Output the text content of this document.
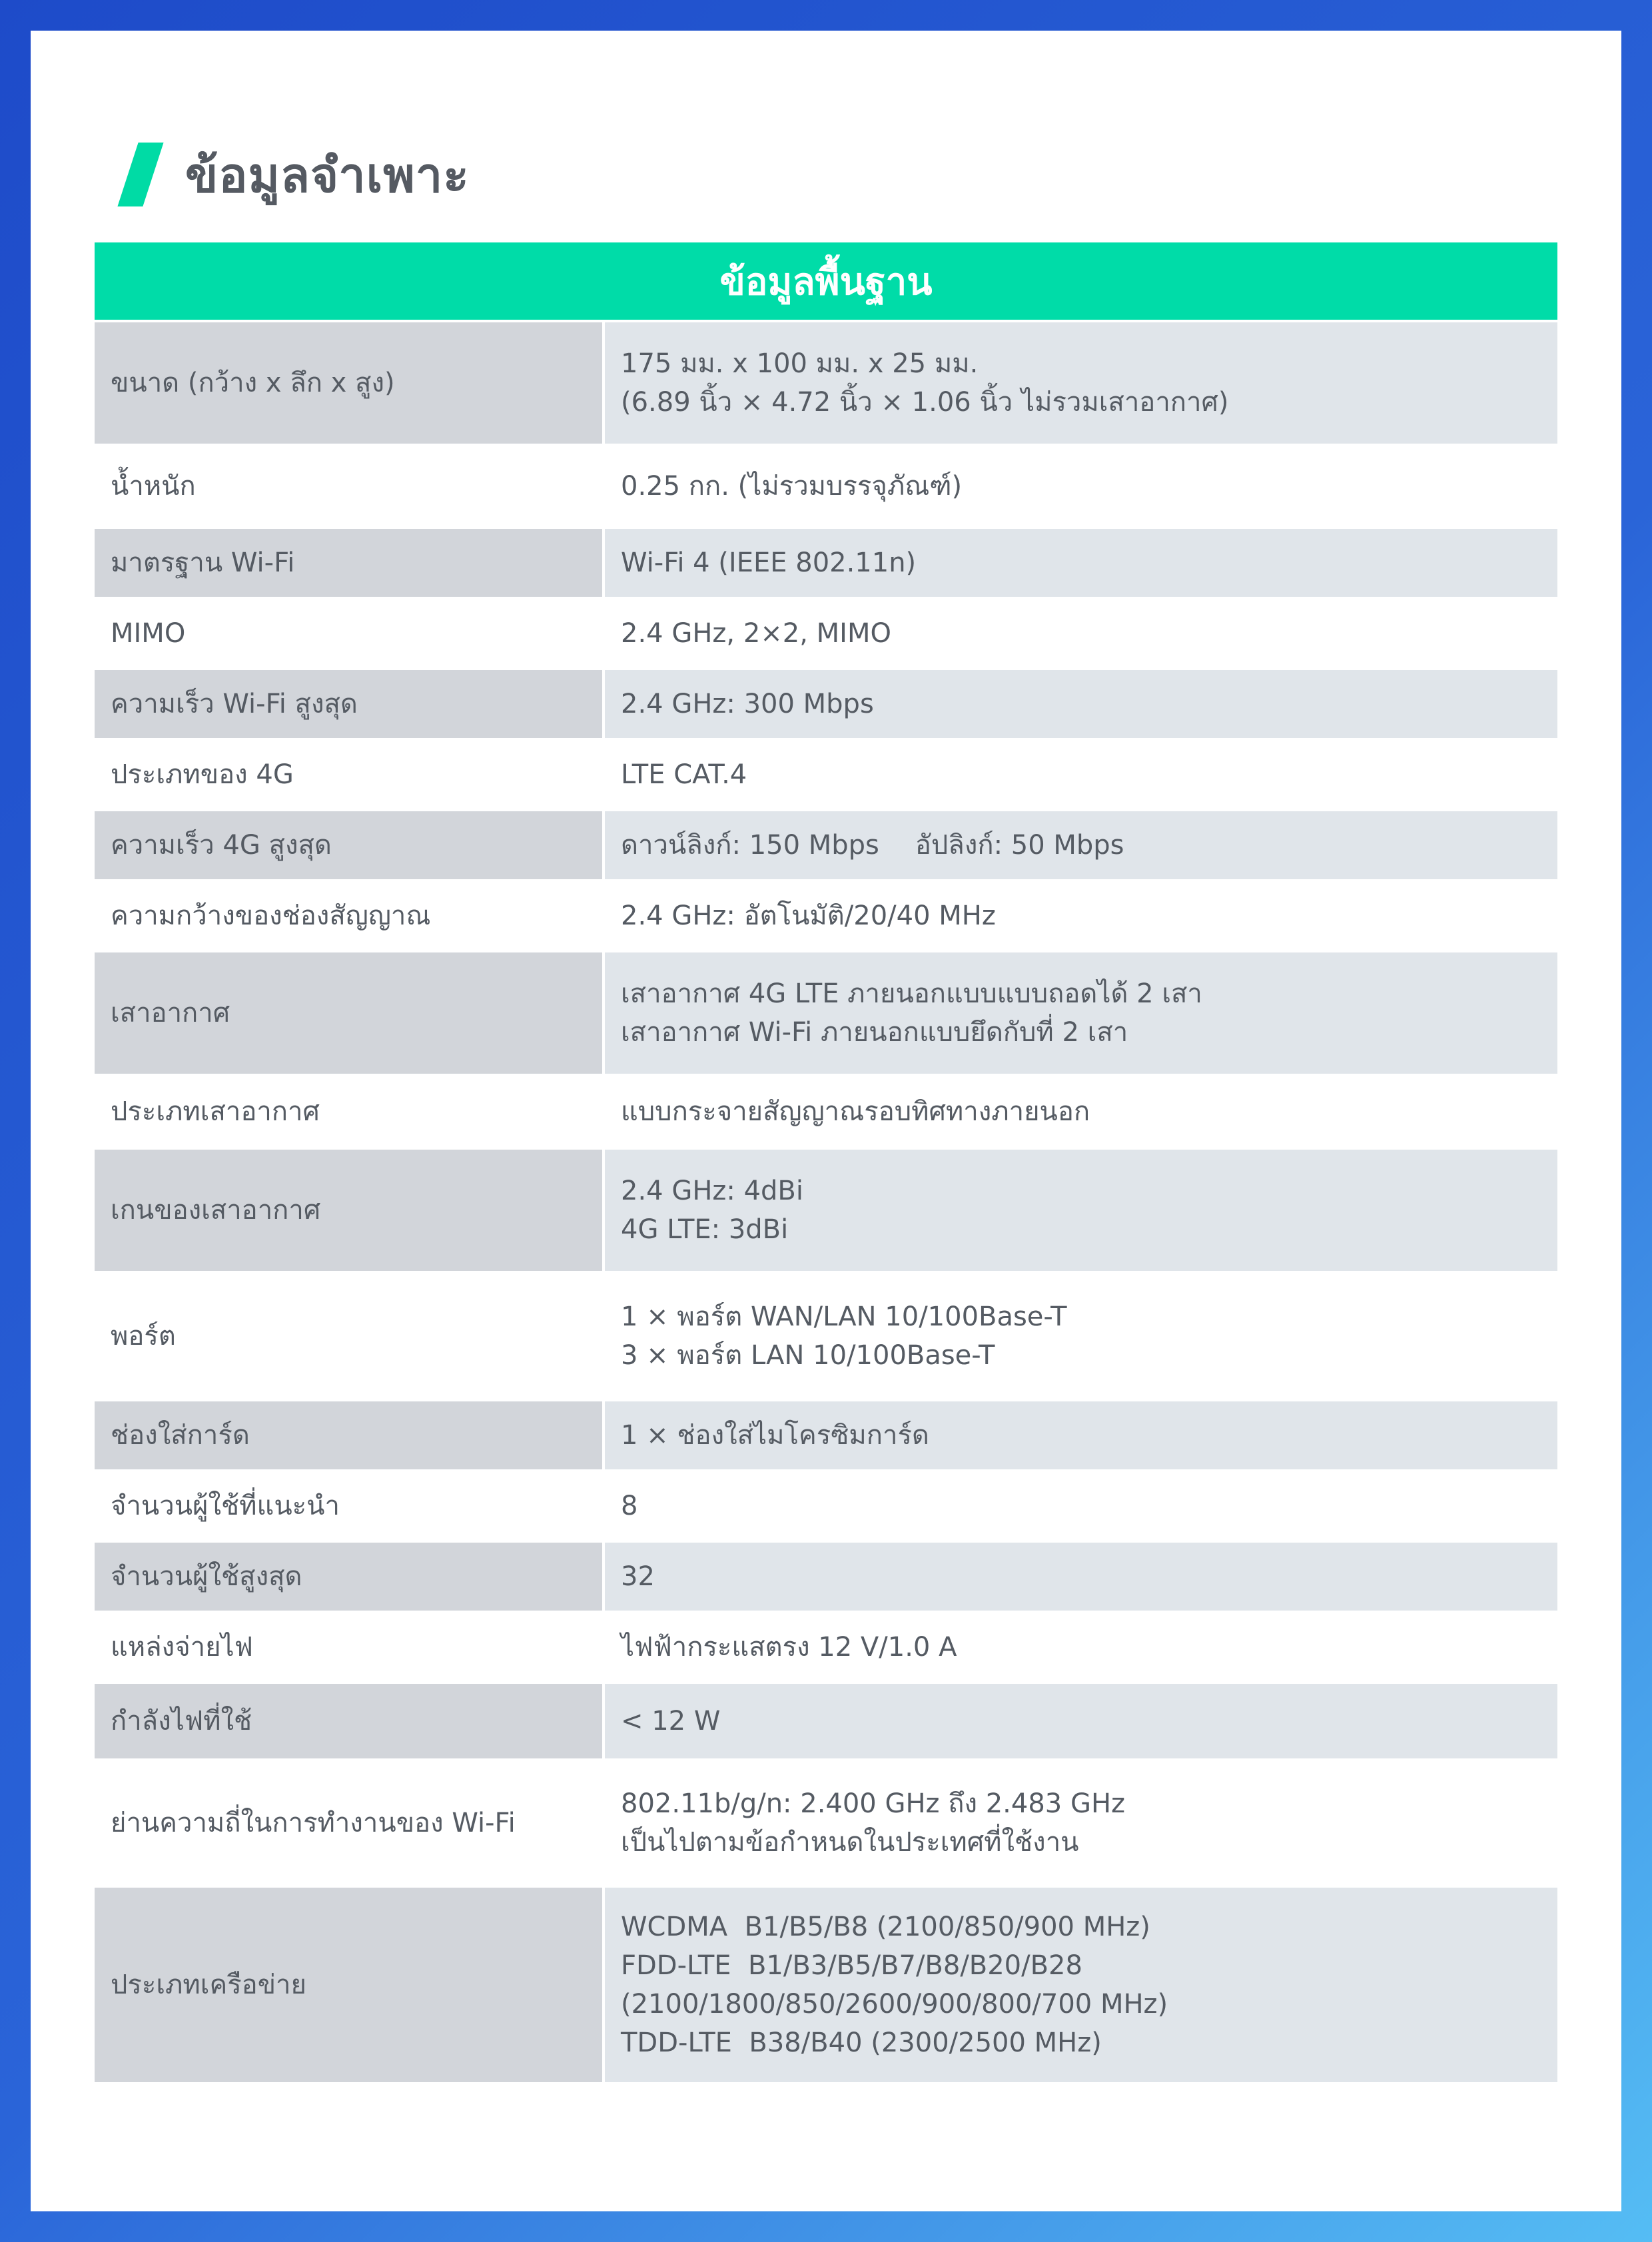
ข้อมูลจำเพาะ
ข้อมูลพื้นฐาน	
ขนาด (กว้าง x ลึก x สูง)	175 มม. x 100 มม. x 25 มม.
(6.89 นิ้ว × 4.72 นิ้ว × 1.06 นิ้ว ไม่รวมเสาอากาศ)

น้ำหนัก	0.25 กก. (ไม่รวมบรรจุภัณฑ์)

มาตรฐาน Wi-Fi	Wi-Fi 4 (IEEE 802.11n)

MIMO	2.4 GHz, 2×2, MIMO

ความเร็ว Wi-Fi สูงสุด	2.4 GHz: 300 Mbps

ประเภทของ 4G	LTE CAT.4

ความเร็ว 4G สูงสุด	ดาวน์ลิงก์: 150 Mbps อัปลิงก์: 50 Mbps

ความกว้างของช่องสัญญาณ	2.4 GHz: อัตโนมัติ/20/40 MHz

เสาอากาศ	เสาอากาศ 4G LTE ภายนอกแบบแบบถอดได้ 2 เสา
เสาอากาศ Wi-Fi ภายนอกแบบยึดกับที่ 2 เสา

ประเภทเสาอากาศ	แบบกระจายสัญญาณรอบทิศทางภายนอก

เกนของเสาอากาศ	2.4 GHz: 4dBi
4G LTE: 3dBi

พอร์ต	1 × พอร์ต WAN/LAN 10/100Base-T
3 × พอร์ต LAN 10/100Base-T

ช่องใส่การ์ด	1 × ช่องใส่ไมโครซิมการ์ด

จำนวนผู้ใช้ที่แนะนำ	8

จำนวนผู้ใช้สูงสุด	32

แหล่งจ่ายไฟ	ไฟฟ้ากระแสตรง 12 V/1.0 A

กำลังไฟที่ใช้	< 12 W

ย่านความถี่ในการทำงานของ Wi-Fi	802.11b/g/n: 2.400 GHz ถึง 2.483 GHz
เป็นไปตามข้อกำหนดในประเทศที่ใช้งาน

ประเภทเครือข่าย	WCDMA  B1/B5/B8 (2100/850/900 MHz)
FDD-LTE  B1/B3/B5/B7/B8/B20/B28 (2100/1800/850/2600/900/800/700 MHz)
TDD-LTE  B38/B40 (2300/2500 MHz)
